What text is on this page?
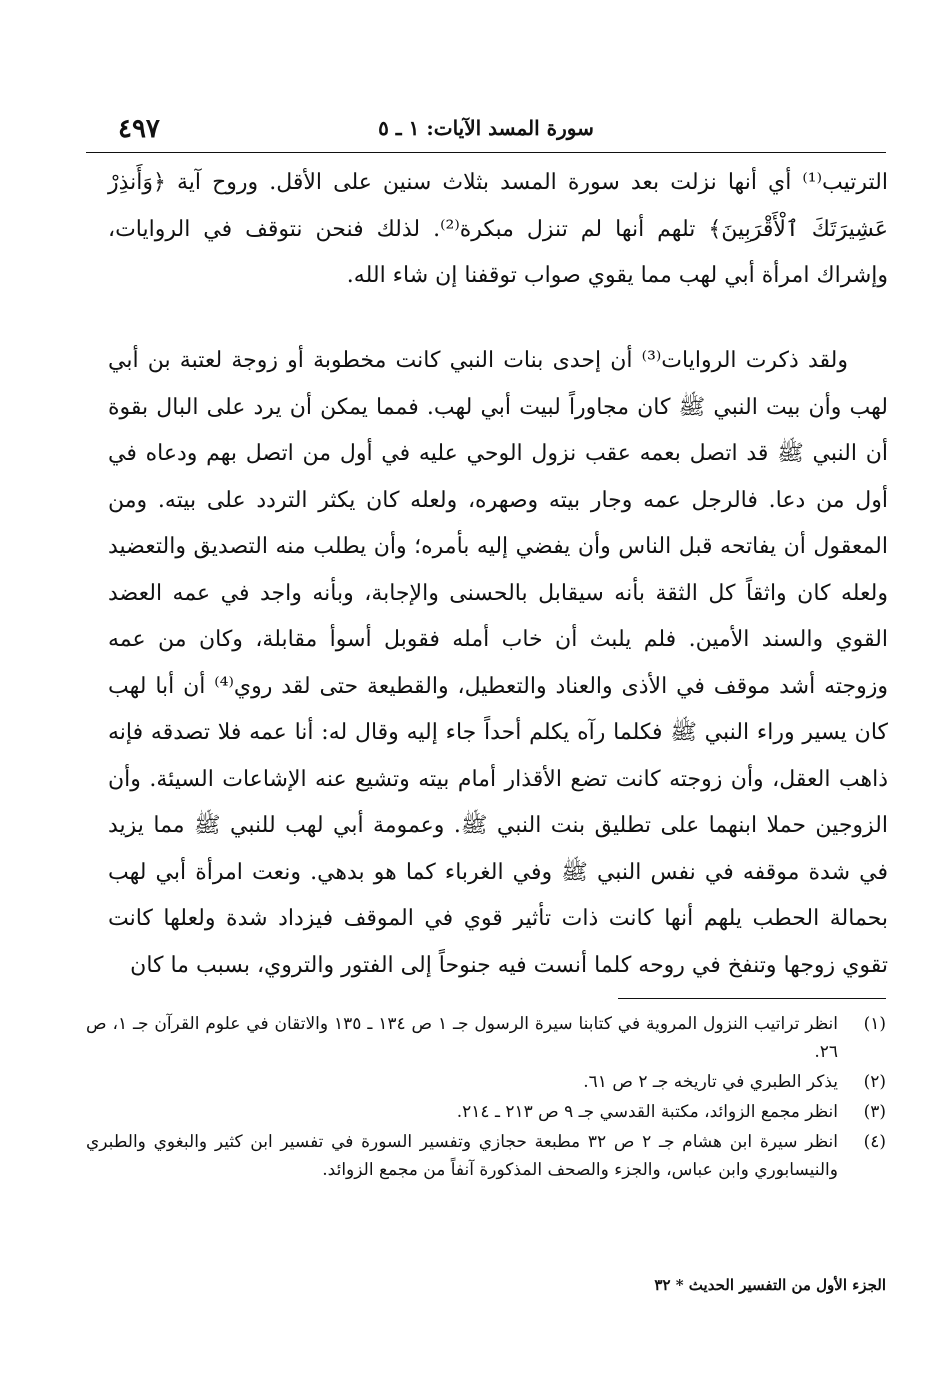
٤٩٧	سورة المسد الآيات: ١ ـ ٥

الترتيب⁽¹⁾ أي أنها نزلت بعد سورة المسد بثلاث سنين على الأقل. وروح آية ﴿وَأَنذِرْ عَشِيرَتَكَ ٱلْأَقْرَبِينَ﴾ تلهم أنها لم تنزل مبكرة⁽²⁾. لذلك فنحن نتوقف في الروايات، وإشراك امرأة أبي لهب مما يقوي صواب توقفنا إن شاء الله.

ولقد ذكرت الروايات⁽³⁾ أن إحدى بنات النبي كانت مخطوبة أو زوجة لعتبة بن أبي لهب وأن بيت النبي ﷺ كان مجاوراً لبيت أبي لهب. فمما يمكن أن يرد على البال بقوة أن النبي ﷺ قد اتصل بعمه عقب نزول الوحي عليه في أول من اتصل بهم ودعاه في أول من دعا. فالرجل عمه وجار بيته وصهره، ولعله كان يكثر التردد على بيته. ومن المعقول أن يفاتحه قبل الناس وأن يفضي إليه بأمره؛ وأن يطلب منه التصديق والتعضيد ولعله كان واثقاً كل الثقة بأنه سيقابل بالحسنى والإجابة، وبأنه واجد في عمه العضد القوي والسند الأمين. فلم يلبث أن خاب أمله فقوبل أسوأ مقابلة، وكان من عمه وزوجته أشد موقف في الأذى والعناد والتعطيل، والقطيعة حتى لقد روي⁽⁴⁾ أن أبا لهب كان يسير وراء النبي ﷺ فكلما رآه يكلم أحداً جاء إليه وقال له: أنا عمه فلا تصدقه فإنه ذاهب العقل، وأن زوجته كانت تضع الأقذار أمام بيته وتشيع عنه الإشاعات السيئة. وأن الزوجين حملا ابنهما على تطليق بنت النبي ﷺ. وعمومة أبي لهب للنبي ﷺ مما يزيد في شدة موقفه في نفس النبي ﷺ وفي الغرباء كما هو بدهي. ونعت امرأة أبي لهب بحمالة الحطب يلهم أنها كانت ذات تأثير قوي في الموقف فيزداد شدة ولعلها كانت تقوي زوجها وتنفخ في روحه كلما أنست فيه جنوحاً إلى الفتور والتروي، بسبب ما كان

(١)
انظر تراتيب النزول المروية في كتابنا سيرة الرسول جـ ١ ص ١٣٤ ـ ١٣٥ والاتقان في علوم القرآن جـ ١، ص ٢٦.
(٢)
يذكر الطبري في تاريخه جـ ٢ ص ٦١.
(٣)
انظر مجمع الزوائد، مكتبة القدسي جـ ٩ ص ٢١٣ ـ ٢١٤.
(٤)
انظر سيرة ابن هشام جـ ٢ ص ٣٢ مطبعة حجازي وتفسير السورة في تفسير ابن كثير والبغوي والطبري والنيسابوري وابن عباس، والجزء والصحف المذكورة آنفاً من مجمع الزوائد.
الجزء الأول من التفسير الحديث * ٣٢
